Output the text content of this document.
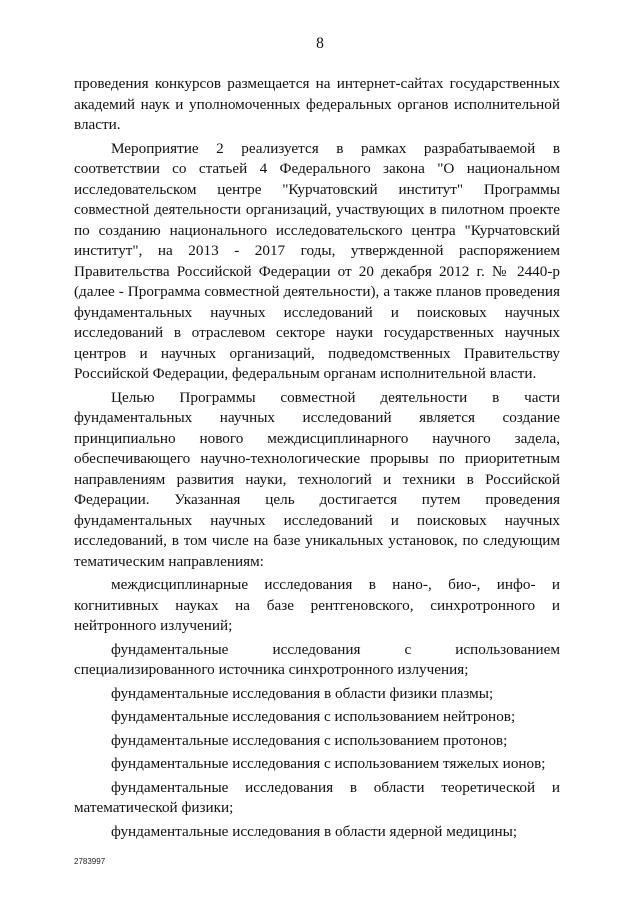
8

проведения конкурсов размещается на интернет-сайтах государственных академий наук и уполномоченных федеральных органов исполнительной власти.

Мероприятие 2 реализуется в рамках разрабатываемой в соответствии со статьей 4 Федерального закона "О национальном исследовательском центре "Курчатовский институт" Программы совместной деятельности организаций, участвующих в пилотном проекте по созданию национального исследовательского центра "Курчатовский институт", на 2013 - 2017 годы, утвержденной распоряжением Правительства Российской Федерации от 20 декабря 2012 г. № 2440-р (далее - Программа совместной деятельности), а также планов проведения фундаментальных научных исследований и поисковых научных исследований в отраслевом секторе науки государственных научных центров и научных организаций, подведомственных Правительству Российской Федерации, федеральным органам исполнительной власти.

Целью Программы совместной деятельности в части фундаментальных научных исследований является создание принципиально нового междисциплинарного научного задела, обеспечивающего научно-технологические прорывы по приоритетным направлениям развития науки, технологий и техники в Российской Федерации. Указанная цель достигается путем проведения фундаментальных научных исследований и поисковых научных исследований, в том числе на базе уникальных установок, по следующим тематическим направлениям:

междисциплинарные исследования в нано-, био-, инфо- и когнитивных науках на базе рентгеновского, синхротронного и нейтронного излучений;

фундаментальные исследования с использованием специализированного источника синхротронного излучения;

фундаментальные исследования в области физики плазмы;

фундаментальные исследования с использованием нейтронов;

фундаментальные исследования с использованием протонов;

фундаментальные исследования с использованием тяжелых ионов;

фундаментальные исследования в области теоретической и математической физики;

фундаментальные исследования в области ядерной медицины;

2783997
